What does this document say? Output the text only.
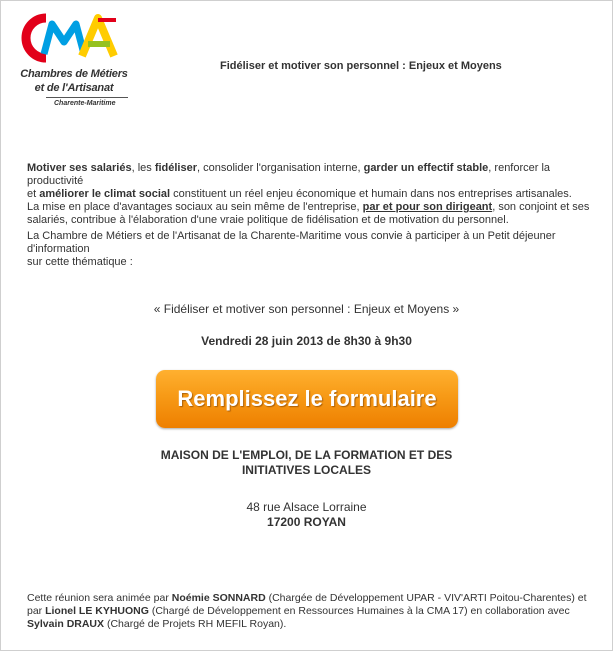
Chambres de Métiers
et de l'Artisanat
Charente-Maritime
Fidéliser et motiver son personnel : Enjeux et Moyens
Motiver ses salariés, les fidéliser, consolider l'organisation interne, garder un effectif stable, renforcer la productivité
et améliorer le climat social constituent un réel enjeu économique et humain dans nos entreprises artisanales.
La mise en place d'avantages sociaux au sein même de l'entreprise, par et pour son dirigeant, son conjoint et ses
salariés, contribue à l'élaboration d'une vraie politique de fidélisation et de motivation du personnel.
La Chambre de Métiers et de l'Artisanat de la Charente-Maritime vous convie à participer à un Petit déjeuner d'information
sur cette thématique :
« Fidéliser et motiver son personnel : Enjeux et Moyens »
Vendredi 28 juin 2013 de 8h30 à 9h30
Remplissez le formulaire
MAISON DE L'EMPLOI, DE LA FORMATION ET DES
INITIATIVES LOCALES
48 rue Alsace Lorraine
17200 ROYAN
Cette réunion sera animée par Noémie SONNARD (Chargée de Développement UPAR - VIV'ARTI Poitou-Charentes) et
par Lionel LE KYHUONG (Chargé de Développement en Ressources Humaines à la CMA 17) en collaboration avec
Sylvain DRAUX (Chargé de Projets RH MEFIL Royan).
